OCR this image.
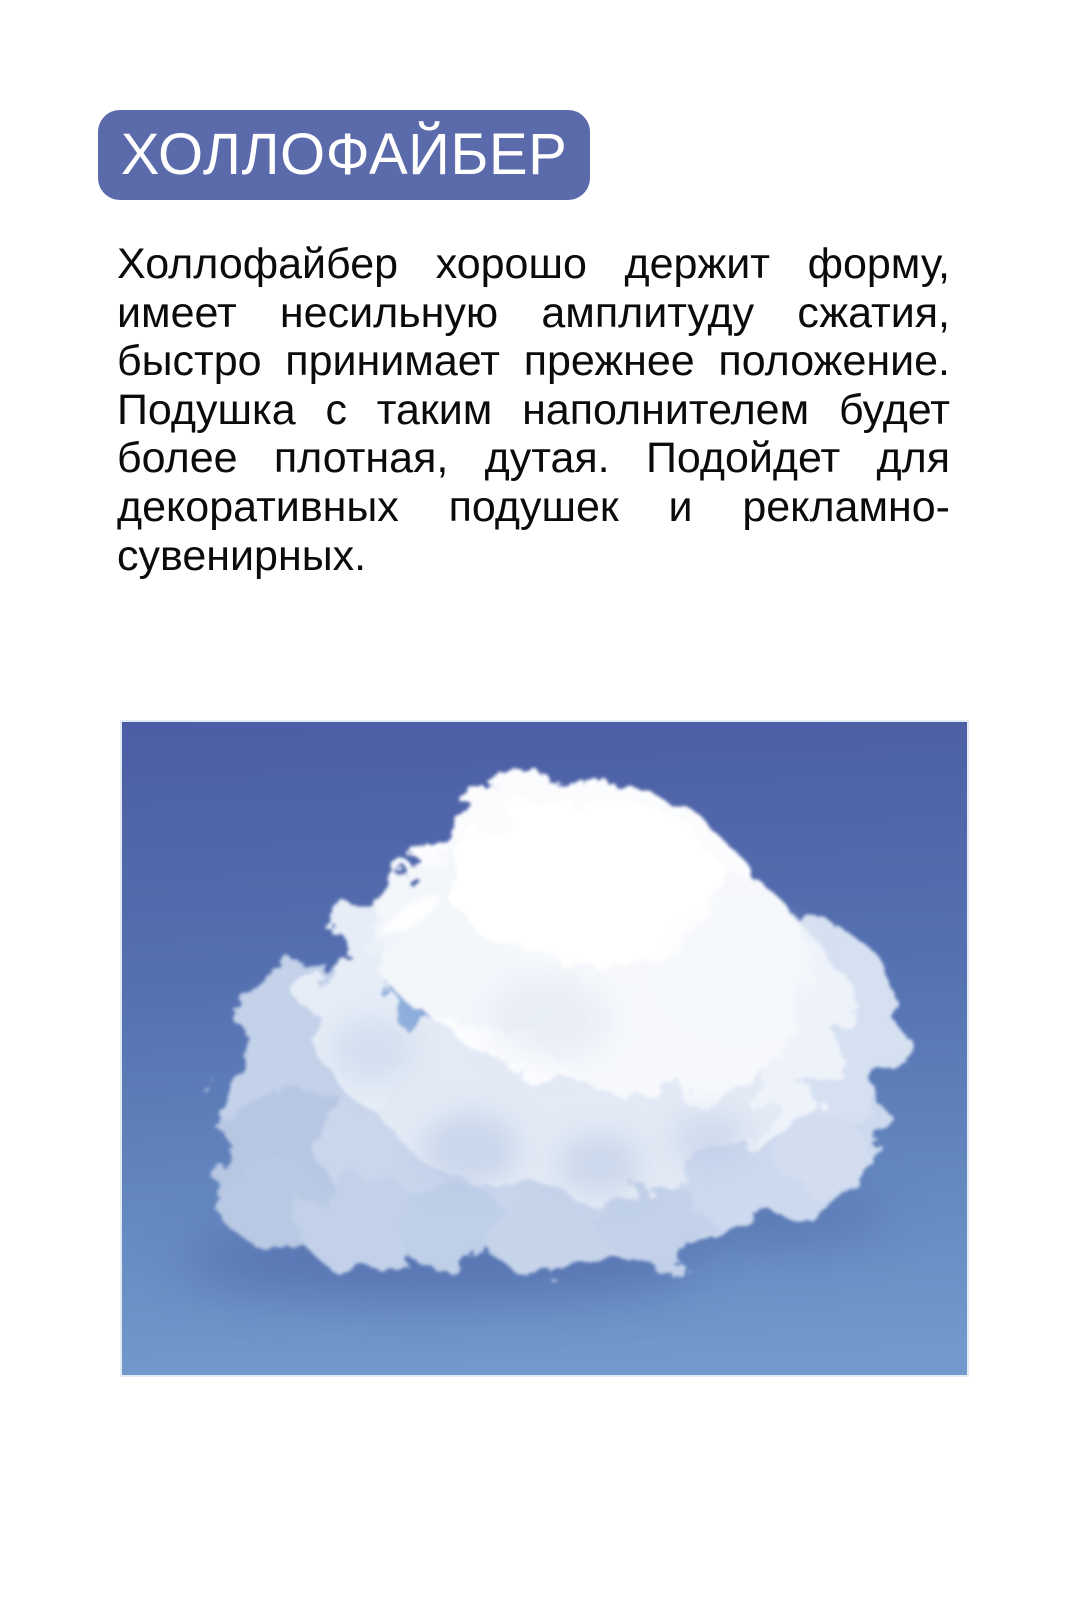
ХОЛЛОФАЙБЕР
Холлофайбер хорошо держит форму,
имеет несильную амплитуду сжатия,
быстро принимает прежнее положение.
Подушка с таким наполнителем будет
более плотная, дутая. Подойдет для
декоративных подушек и рекламно-
сувенирных.
